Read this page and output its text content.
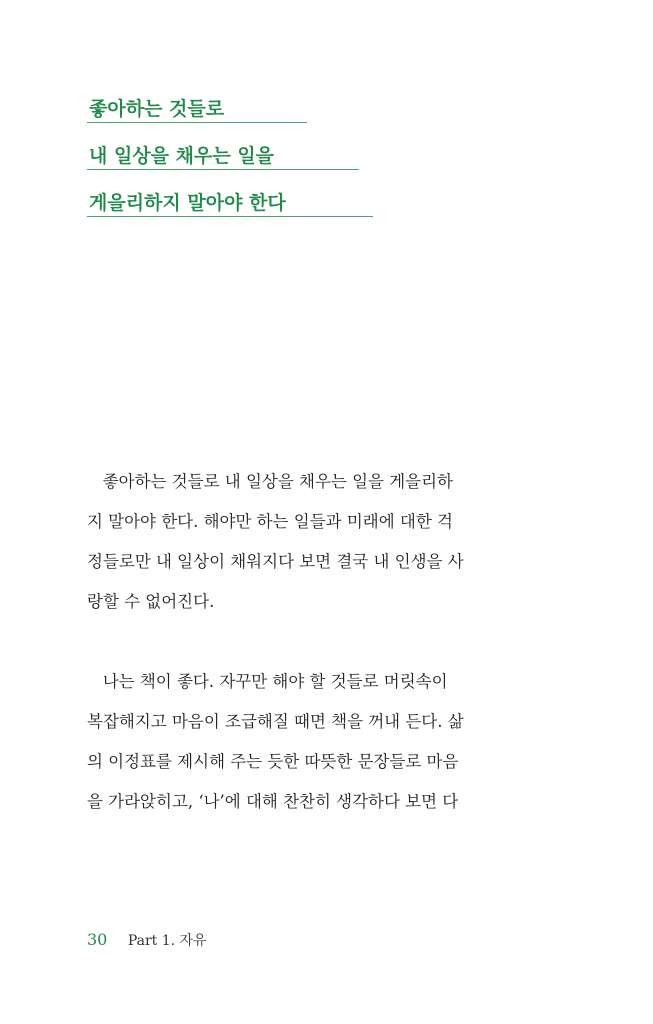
좋아하는 것들로
내 일상을 채우는 일을
게을리하지 말아야 한다
좋아하는 것들로 내 일상을 채우는 일을 게을리하
지 말아야 한다. 해야만 하는 일들과 미래에 대한 걱
정들로만 내 일상이 채워지다 보면 결국 내 인생을 사
랑할 수 없어진다.
나는 책이 좋다. 자꾸만 해야 할 것들로 머릿속이
복잡해지고 마음이 조급해질 때면 책을 꺼내 든다. 삶
의 이정표를 제시해 주는 듯한 따뜻한 문장들로 마음
을 가라앉히고, ‘나’에 대해 찬찬히 생각하다 보면 다
30 Part 1. 자유
